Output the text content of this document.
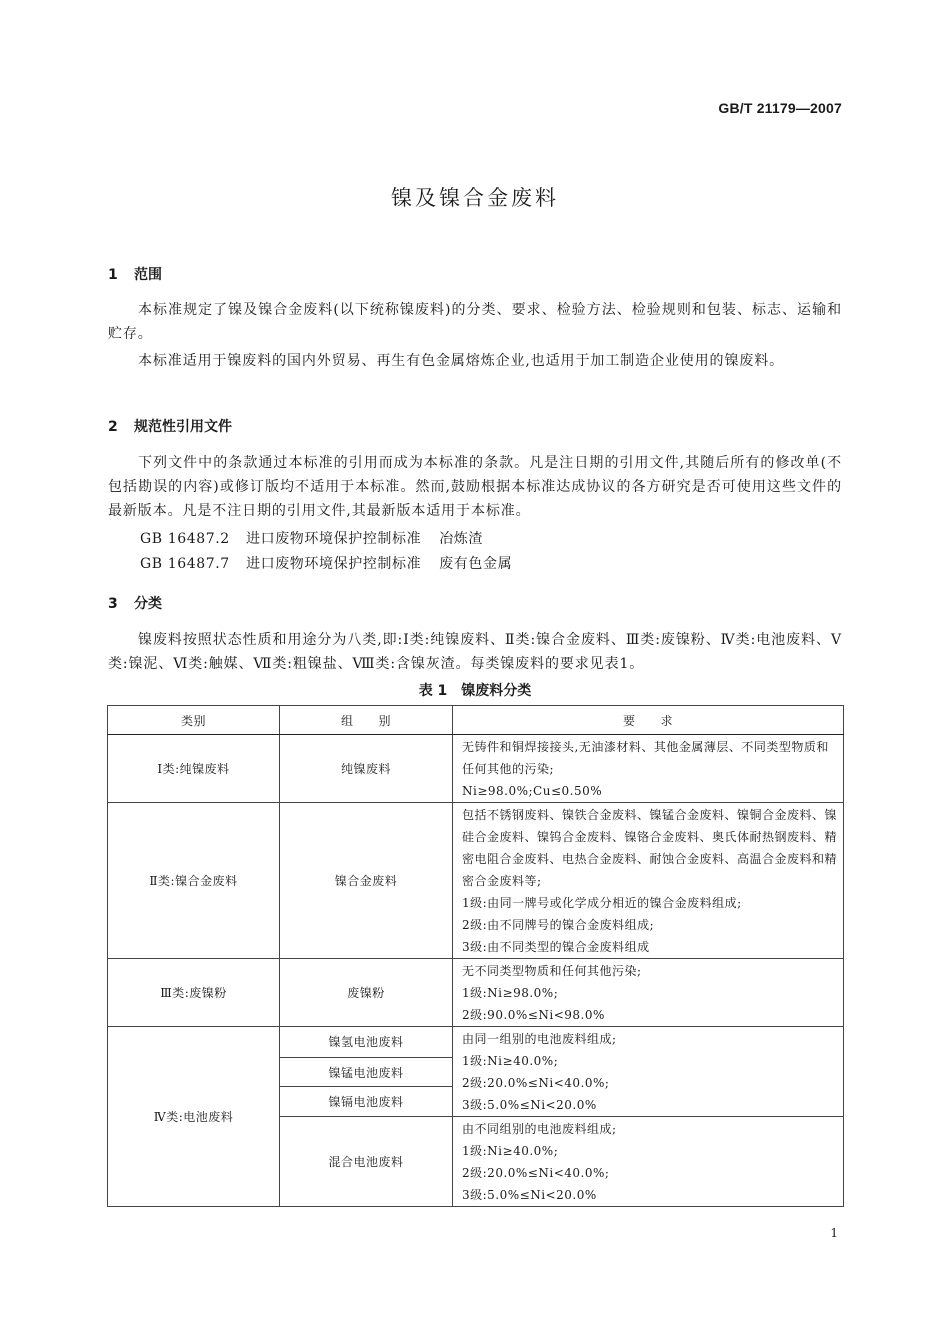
GB/T 21179—2007
镍及镍合金废料
1 范围
本标准规定了镍及镍合金废料(以下统称镍废料)的分类、要求、检验方法、检验规则和包装、标志、运输和贮存。
本标准适用于镍废料的国内外贸易、再生有色金属熔炼企业,也适用于加工制造企业使用的镍废料。
2 规范性引用文件
下列文件中的条款通过本标准的引用而成为本标准的条款。凡是注日期的引用文件,其随后所有的修改单(不包括勘误的内容)或修订版均不适用于本标准。然而,鼓励根据本标准达成协议的各方研究是否可使用这些文件的最新版本。凡是不注日期的引用文件,其最新版本适用于本标准。
GB 16487.2 进口废物环境保护控制标准 冶炼渣
GB 16487.7 进口废物环境保护控制标准 废有色金属
3 分类
镍废料按照状态性质和用途分为八类,即:Ⅰ类:纯镍废料、Ⅱ类:镍合金废料、Ⅲ类:废镍粉、Ⅳ类:电池废料、Ⅴ类:镍泥、Ⅵ类:触媒、Ⅶ类:粗镍盐、Ⅷ类:含镍灰渣。每类镍废料的要求见表1。
表 1　镍废料分类
类别	组　　别	要　　求
Ⅰ类:纯镍废料	纯镍废料	无铸件和铜焊接接头,无油漆材料、其他金属薄层、不同类型物质和任何其他的污染;
Ni≥98.0%;Cu≤0.50%

Ⅱ类:镍合金废料	镍合金废料	包括不锈钢废料、镍铁合金废料、镍锰合金废料、镍铜合金废料、镍硅合金废料、镍钨合金废料、镍铬合金废料、奥氏体耐热钢废料、精密电阻合金废料、电热合金废料、耐蚀合金废料、高温合金废料和精密合金废料等;
1级:由同一牌号或化学成分相近的镍合金废料组成;
2级:由不同牌号的镍合金废料组成;
3级:由不同类型的镍合金废料组成

Ⅲ类:废镍粉	废镍粉	无不同类型物质和任何其他污染;
1级:Ni≥98.0%;
2级:90.0%≤Ni<98.0%

Ⅳ类:电池废料	镍氢电池废料	由同一组别的电池废料组成;
1级:Ni≥40.0%;
2级:20.0%≤Ni<40.0%;
3级:5.0%≤Ni<20.0%

	镍锰电池废料	
	镍镉电池废料	
	混合电池废料	由不同组别的电池废料组成;
1级:Ni≥40.0%;
2级:20.0%≤Ni<40.0%;
3级:5.0%≤Ni<20.0%
1
